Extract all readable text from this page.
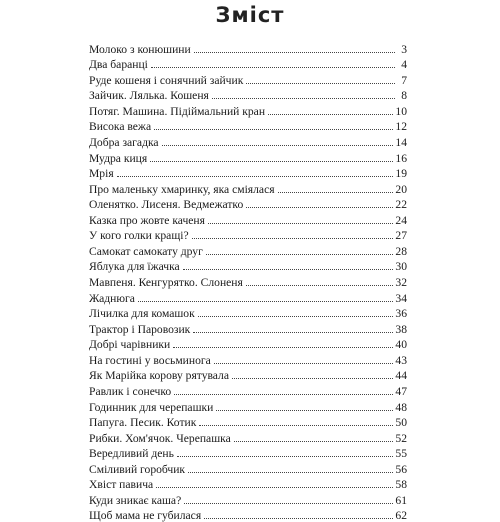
Зміст
Молоко з конюшини	3
Два баранці	4
Руде кошеня і сонячний зайчик	7
Зайчик. Лялька. Кошеня	8
Потяг. Машина. Підіймальний кран	10
Висока вежа	12
Добра загадка	14
Мудра киця	16
Мрія	19
Про маленьку хмаринку, яка сміялася	20
Оленятко. Лисеня. Ведмежатко	22
Казка про жовте каченя	24
У кого голки кращі?	27
Самокат самокату друг	28
Яблука для їжачка	30
Мавпеня. Кенгурятко. Слоненя	32
Жаднюга	34
Лічилка для комашок	36
Трактор і Паровозик	38
Добрі чарівники	40
На гостині у восьминога	43
Як Марійка корову рятувала	44
Равлик і сонечко	47
Годинник для черепашки	48
Папуга. Песик. Котик	50
Рибки. Хом'ячок. Черепашка	52
Вередливий день	55
Сміливий горобчик	56
Хвіст павича	58
Куди зникає каша?	61
Щоб мама не губилася	62
